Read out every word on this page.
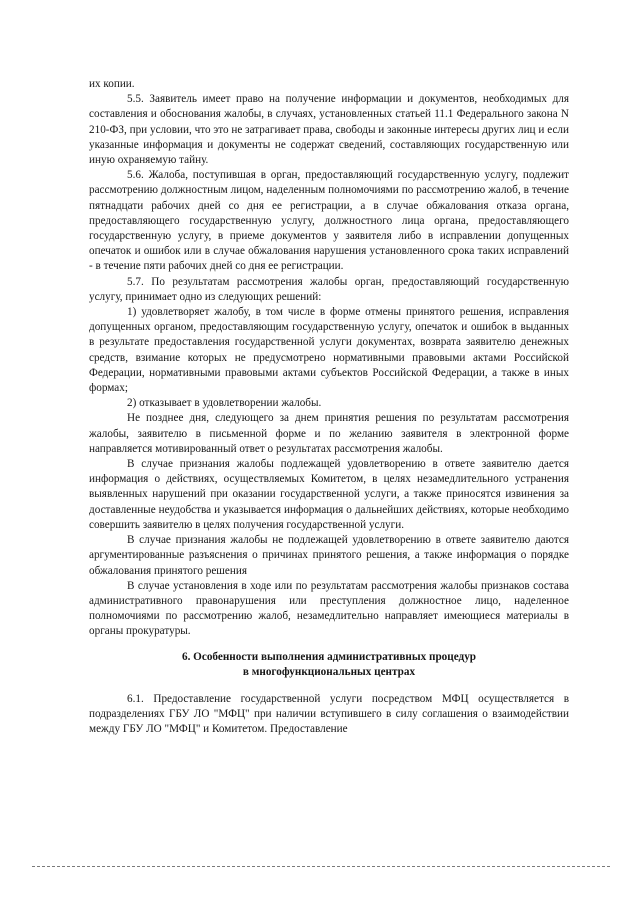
их копии.

5.5. Заявитель имеет право на получение информации и документов, необходимых для составления и обоснования жалобы, в случаях, установленных статьей 11.1 Федерального закона N 210-ФЗ, при условии, что это не затрагивает права, свободы и законные интересы других лиц и если указанные информация и документы не содержат сведений, составляющих государственную или иную охраняемую тайну.

5.6. Жалоба, поступившая в орган, предоставляющий государственную услугу, подлежит рассмотрению должностным лицом, наделенным полномочиями по рассмотрению жалоб, в течение пятнадцати рабочих дней со дня ее регистрации, а в случае обжалования отказа органа, предоставляющего государственную услугу, должностного лица органа, предоставляющего государственную услугу, в приеме документов у заявителя либо в исправлении допущенных опечаток и ошибок или в случае обжалования нарушения установленного срока таких исправлений - в течение пяти рабочих дней со дня ее регистрации.

5.7. По результатам рассмотрения жалобы орган, предоставляющий государственную услугу, принимает одно из следующих решений:

1) удовлетворяет жалобу, в том числе в форме отмены принятого решения, исправления допущенных органом, предоставляющим государственную услугу, опечаток и ошибок в выданных в результате предоставления государственной услуги документах, возврата заявителю денежных средств, взимание которых не предусмотрено нормативными правовыми актами Российской Федерации, нормативными правовыми актами субъектов Российской Федерации, а также в иных формах;

2) отказывает в удовлетворении жалобы.

Не позднее дня, следующего за днем принятия решения по результатам рассмотрения жалобы, заявителю в письменной форме и по желанию заявителя в электронной форме направляется мотивированный ответ о результатах рассмотрения жалобы.

В случае признания жалобы подлежащей удовлетворению в ответе заявителю дается информация о действиях, осуществляемых Комитетом, в целях незамедлительного устранения выявленных нарушений при оказании государственной услуги, а также приносятся извинения за доставленные неудобства и указывается информация о дальнейших действиях, которые необходимо совершить заявителю в целях получения государственной услуги.

В случае признания жалобы не подлежащей удовлетворению в ответе заявителю даются аргументированные разъяснения о причинах принятого решения, а также информация о порядке обжалования принятого решения

В случае установления в ходе или по результатам рассмотрения жалобы признаков состава административного правонарушения или преступления должностное лицо, наделенное полномочиями по рассмотрению жалоб, незамедлительно направляет имеющиеся материалы в органы прокуратуры.

6. Особенности выполнения административных процедур
в многофункциональных центрах

6.1. Предоставление государственной услуги посредством МФЦ осуществляется в подразделениях ГБУ ЛО "МФЦ" при наличии вступившего в силу соглашения о взаимодействии между ГБУ ЛО "МФЦ" и Комитетом. Предоставление
